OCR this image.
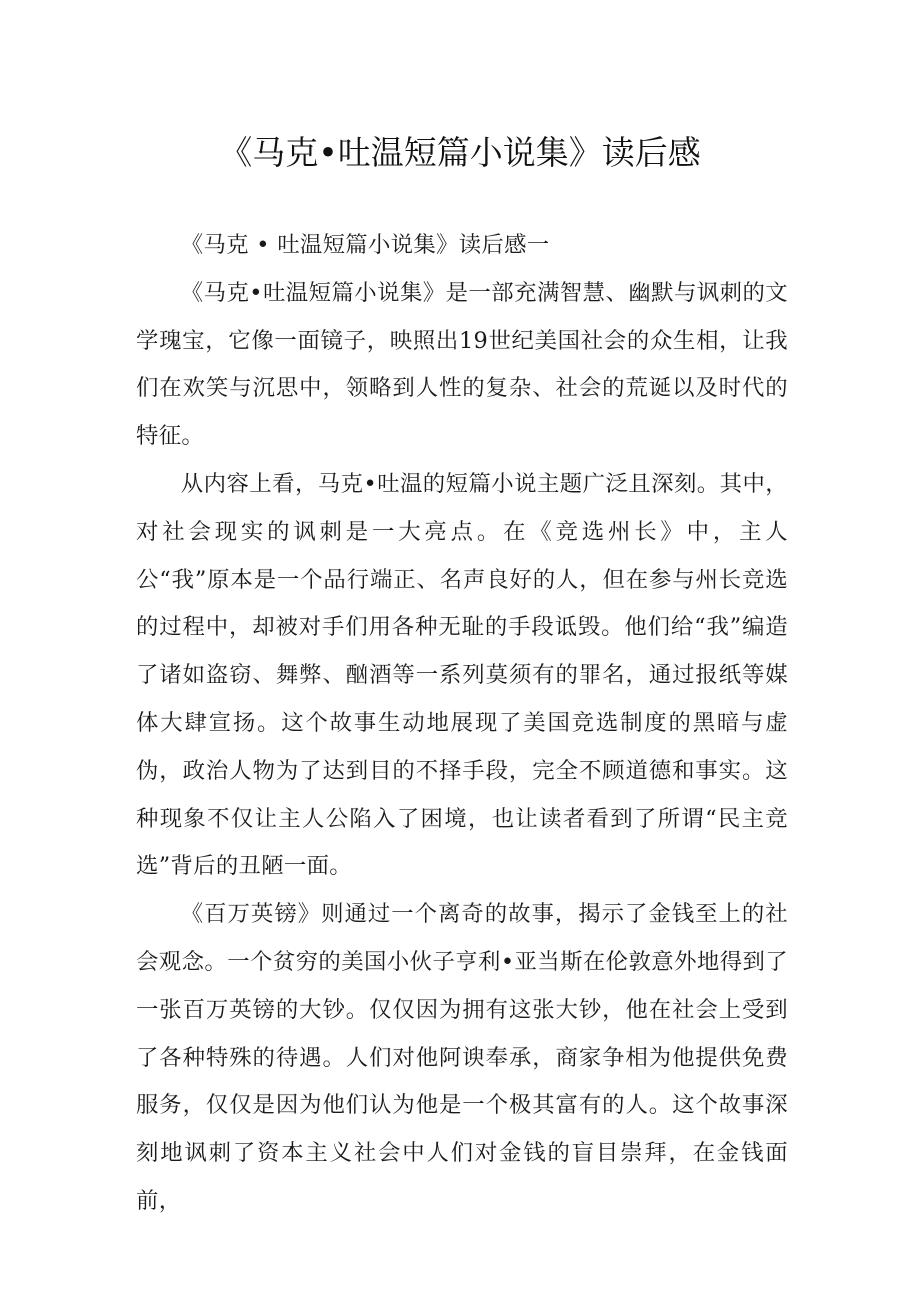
《马克•吐温短篇小说集》读后感

《马克 • 吐温短篇小说集》读后感一

《马克•吐温短篇小说集》是一部充满智慧、幽默与讽刺的文学瑰宝，它像一面镜子，映照出19世纪美国社会的众生相，让我们在欢笑与沉思中，领略到人性的复杂、社会的荒诞以及时代的特征。

从内容上看，马克•吐温的短篇小说主题广泛且深刻。其中，对社会现实的讽刺是一大亮点。在《竞选州长》中，主人公“我”原本是一个品行端正、名声良好的人，但在参与州长竞选的过程中，却被对手们用各种无耻的手段诋毁。他们给“我”编造了诸如盗窃、舞弊、酗酒等一系列莫须有的罪名，通过报纸等媒体大肆宣扬。这个故事生动地展现了美国竞选制度的黑暗与虚伪，政治人物为了达到目的不择手段，完全不顾道德和事实。这种现象不仅让主人公陷入了困境，也让读者看到了所谓“民主竞选”背后的丑陋一面。

《百万英镑》则通过一个离奇的故事，揭示了金钱至上的社会观念。一个贫穷的美国小伙子亨利•亚当斯在伦敦意外地得到了一张百万英镑的大钞。仅仅因为拥有这张大钞，他在社会上受到了各种特殊的待遇。人们对他阿谀奉承，商家争相为他提供免费服务，仅仅是因为他们认为他是一个极其富有的人。这个故事深刻地讽刺了资本主义社会中人们对金钱的盲目崇拜，在金钱面前，
